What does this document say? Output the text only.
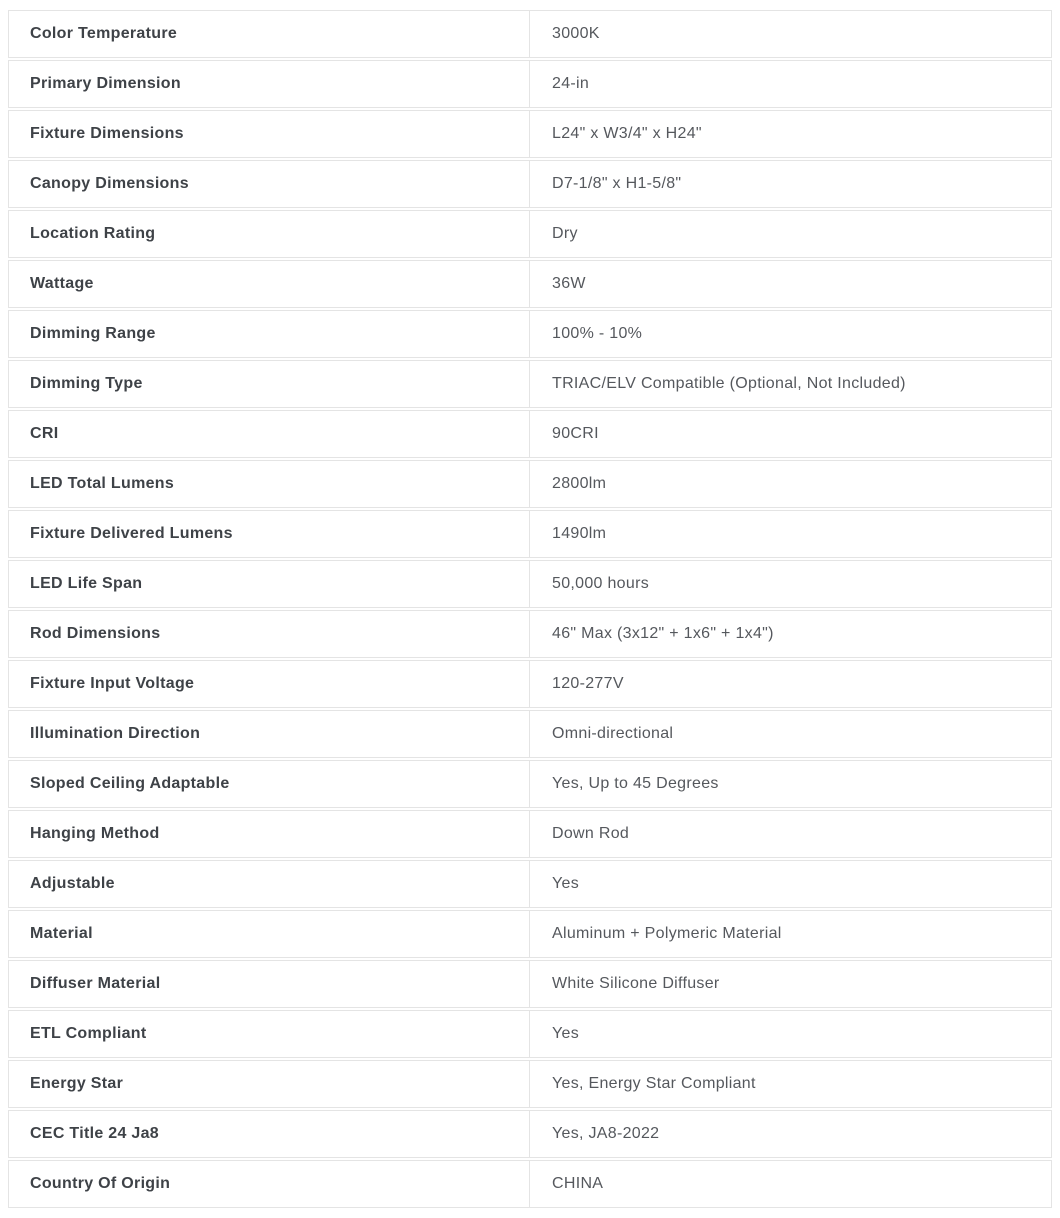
Color Temperature	3000K
Primary Dimension	24-in
Fixture Dimensions	L24" x W3/4" x H24"
Canopy Dimensions	D7-1/8" x H1-5/8"
Location Rating	Dry
Wattage	36W
Dimming Range	100% - 10%
Dimming Type	TRIAC/ELV Compatible (Optional, Not Included)
CRI	90CRI
LED Total Lumens	2800lm
Fixture Delivered Lumens	1490lm
LED Life Span	50,000 hours
Rod Dimensions	46" Max (3x12" + 1x6" + 1x4")
Fixture Input Voltage	120-277V
Illumination Direction	Omni-directional
Sloped Ceiling Adaptable	Yes, Up to 45 Degrees
Hanging Method	Down Rod
Adjustable	Yes
Material	Aluminum + Polymeric Material
Diffuser Material	White Silicone Diffuser
ETL Compliant	Yes
Energy Star	Yes, Energy Star Compliant
CEC Title 24 Ja8	Yes, JA8-2022
Country Of Origin	CHINA
